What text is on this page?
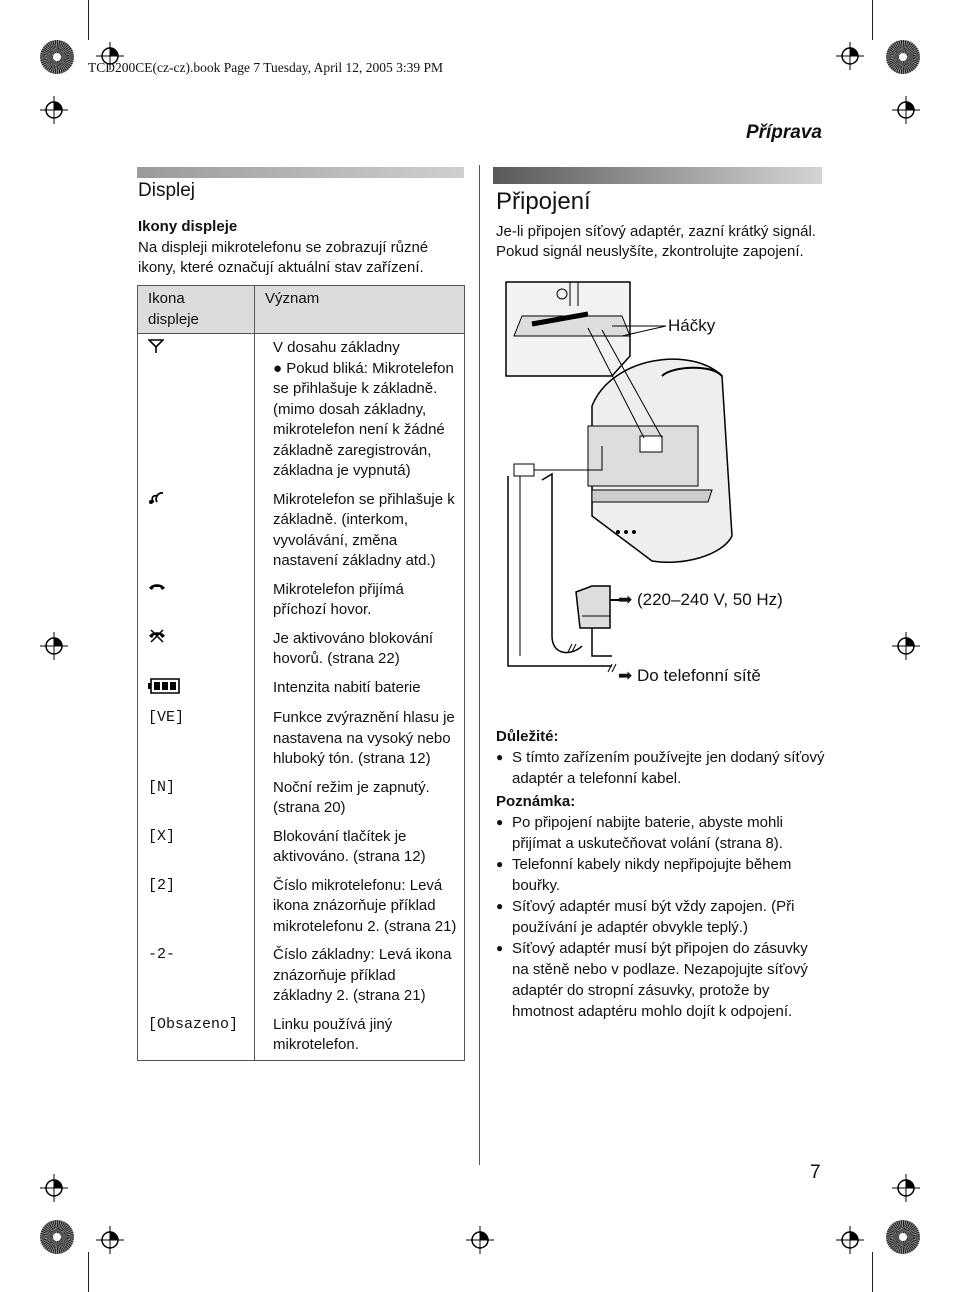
TCD200CE(cz-cz).book Page 7 Tuesday, April 12, 2005 3:39 PM
Příprava
Displej
Ikony displeje
Na displeji mikrotelefonu se zobrazují různé ikony, které označují aktuální stav zařízení.
Ikona displeje	Význam
	V dosahu základny
● Pokud bliká: Mikrotelefon se přihlašuje k základně. (mimo dosah základny, mikrotelefon není k žádné základně zaregistrován, základna je vypnutá)

	Mikrotelefon se přihlašuje k základně. (interkom, vyvolávání, změna nastavení základny atd.)
	Mikrotelefon přijímá příchozí hovor.
	Je aktivováno blokování hovorů. (strana 22)
	Intenzita nabití baterie
[VE]	Funkce zvýraznění hlasu je nastavena na vysoký nebo hluboký tón. (strana 12)
[N]	Noční režim je zapnutý. (strana 20)
[X]	Blokování tlačítek je aktivováno. (strana 12)
[2]	Číslo mikrotelefonu: Levá ikona znázorňuje příklad mikrotelefonu 2. (strana 21)
-2-	Číslo základny: Levá ikona znázorňuje příklad základny 2. (strana 21)
[Obsazeno]	Linku používá jiný mikrotelefon.
Připojení
Je-li připojen síťový adaptér, zazní krátký signál. Pokud signál neuslyšíte, zkontrolujte zapojení.
Háčky
➡ (220–240 V, 50 Hz)
➡ Do telefonní sítě
Důležité:
● S tímto zařízením používejte jen dodaný síťový adaptér a telefonní kabel.
Poznámka:
● Po připojení nabijte baterie, abyste mohli přijímat a uskutečňovat volání (strana 8).
● Telefonní kabely nikdy nepřipojujte během bouřky.
● Síťový adaptér musí být vždy zapojen. (Při používání je adaptér obvykle teplý.)
● Síťový adaptér musí být připojen do zásuvky na stěně nebo v podlaze. Nezapojujte síťový adaptér do stropní zásuvky, protože by hmotnost adaptéru mohlo dojít k odpojení.
7
